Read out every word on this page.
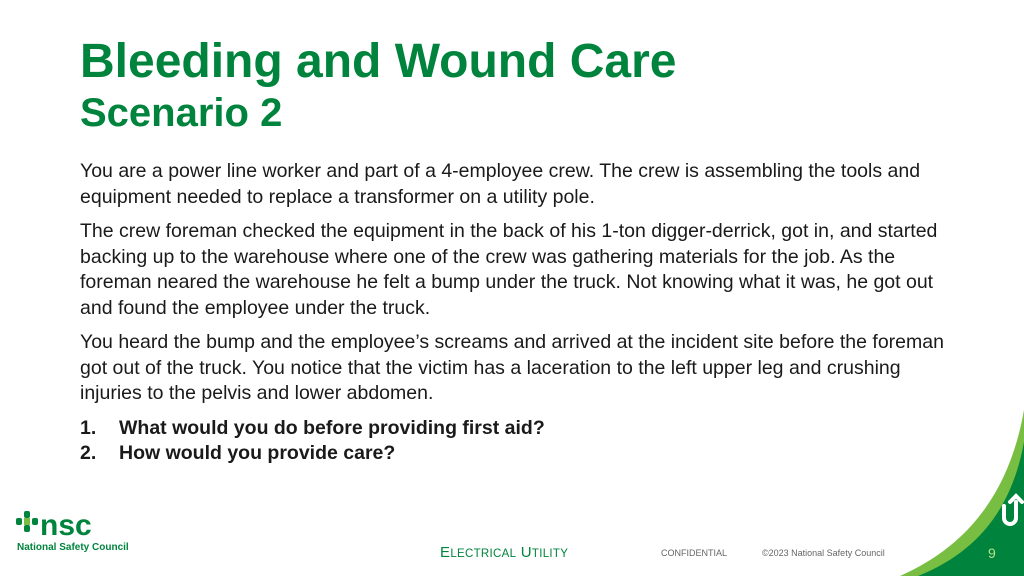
Bleeding and Wound Care
Scenario 2

You are a power line worker and part of a 4-employee crew. The crew is assembling the tools and equipment needed to replace a transformer on a utility pole.

The crew foreman checked the equipment in the back of his 1-ton digger-derrick, got in, and started backing up to the warehouse where one of the crew was gathering materials for the job. As the foreman neared the warehouse he felt a bump under the truck. Not knowing what it was, he got out and found the employee under the truck.

You heard the bump and the employee’s screams and arrived at the incident site before the foreman got out of the truck. You notice that the victim has a laceration to the left upper leg and crushing injuries to the pelvis and lower abdomen.

1.	What would you do before providing first aid?
2.	How would you provide care?
nsc
National Safety Council	ELECTRICAL UTILITY	CONFIDENTIAL	©2023 National Safety Council	9
